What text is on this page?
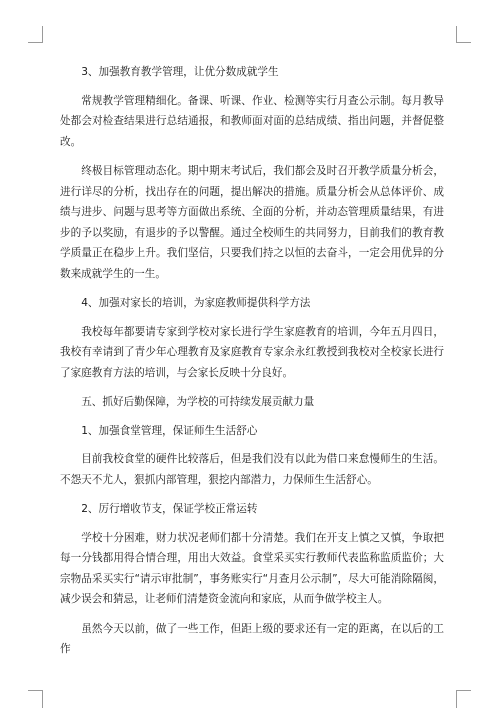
3、加强教育教学管理，让优分数成就学生

常规教学管理精细化。备课、听课、作业、检测等实行月查公示制。每月教导处都会对检查结果进行总结通报，和教师面对面的总结成绩、指出问题，并督促整改。

终极目标管理动态化。期中期末考试后，我们都会及时召开教学质量分析会，进行详尽的分析，找出存在的问题，提出解决的措施。质量分析会从总体评价、成绩与进步、问题与思考等方面做出系统、全面的分析，并动态管理质量结果，有进步的予以奖励，有退步的予以警醒。通过全校师生的共同努力，目前我们的教育教学质量正在稳步上升。我们坚信，只要我们持之以恒的去奋斗，一定会用优异的分数来成就学生的一生。

4、加强对家长的培训，为家庭教师提供科学方法

我校每年都要请专家到学校对家长进行学生家庭教育的培训，今年五月四日，我校有幸请到了青少年心理教育及家庭教育专家余永红教授到我校对全校家长进行了家庭教育方法的培训，与会家长反映十分良好。

五、抓好后勤保障，为学校的可持续发展贡献力量

1、加强食堂管理，保证师生生活舒心

目前我校食堂的硬件比较落后，但是我们没有以此为借口来怠慢师生的生活。不怨天不尤人，狠抓内部管理，狠挖内部潜力，力保师生生活舒心。

2、厉行增收节支，保证学校正常运转

学校十分困难，财力状况老师们都十分清楚。我们在开支上慎之又慎，争取把每一分钱都用得合情合理，用出大效益。食堂采买实行教师代表监称监质监价；大宗物品采买实行“请示审批制”，事务账实行“月查月公示制”，尽大可能消除隔阂，减少误会和猜忌，让老师们清楚资金流向和家底，从而争做学校主人。

虽然今天以前，做了一些工作，但距上级的要求还有一定的距离，在以后的工作
